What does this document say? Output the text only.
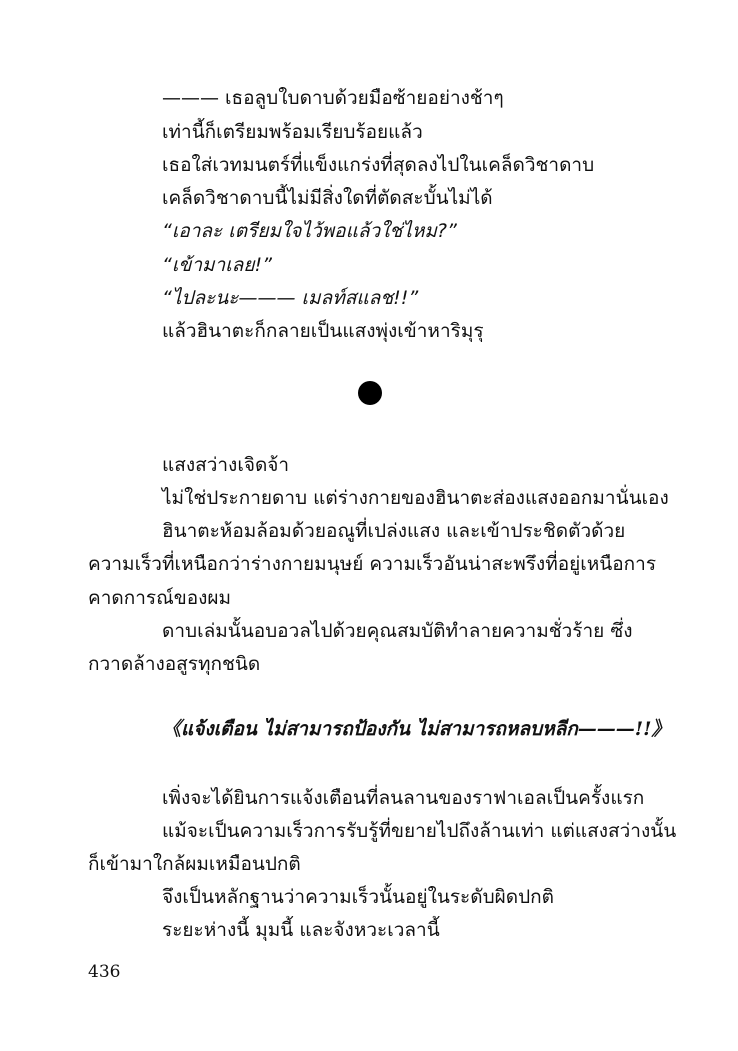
——— เธอลูบใบดาบด้วยมือซ้ายอย่างช้าๆ
เท่านี้ก็เตรียมพร้อมเรียบร้อยแล้ว
เธอใส่เวทมนตร์ที่แข็งแกร่งที่สุดลงไปในเคล็ดวิชาดาบ
เคล็ดวิชาดาบนี้ไม่มีสิ่งใดที่ตัดสะบั้นไม่ได้
“เอาละ เตรียมใจไว้พอแล้วใช่ไหม?”
“เข้ามาเลย!”
“ไปละนะ——— เมลท์สแลช!!”
แล้วฮินาตะก็กลายเป็นแสงพุ่งเข้าหาริมุรุ
แสงสว่างเจิดจ้า
ไม่ใช่ประกายดาบ แต่ร่างกายของฮินาตะส่องแสงออกมานั่นเอง
ฮินาตะห้อมล้อมด้วยอณูที่เปล่งแสง และเข้าประชิดตัวด้วย
ความเร็วที่เหนือกว่าร่างกายมนุษย์ ความเร็วอันน่าสะพรึงที่อยู่เหนือการ
คาดการณ์ของผม
ดาบเล่มนั้นอบอวลไปด้วยคุณสมบัติทำลายความชั่วร้าย ซึ่ง
กวาดล้างอสูรทุกชนิด
《แจ้งเตือน ไม่สามารถป้องกัน ไม่สามารถหลบหลีก———!!》
เพิ่งจะได้ยินการแจ้งเตือนที่ลนลานของราฟาเอลเป็นครั้งแรก
แม้จะเป็นความเร็วการรับรู้ที่ขยายไปถึงล้านเท่า แต่แสงสว่างนั้น
ก็เข้ามาใกล้ผมเหมือนปกติ
จึงเป็นหลักฐานว่าความเร็วนั้นอยู่ในระดับผิดปกติ
ระยะห่างนี้ มุมนี้ และจังหวะเวลานี้
436
